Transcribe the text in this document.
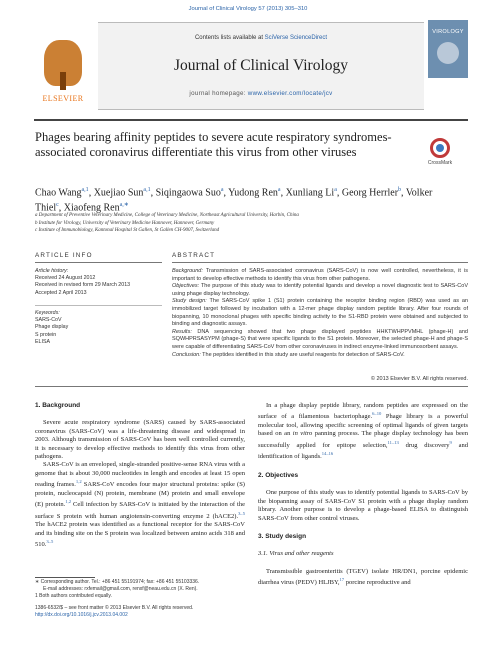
Journal of Clinical Virology 57 (2013) 305–310
ELSEVIER
Contents lists available at SciVerse ScienceDirect
Journal of Clinical Virology
journal homepage: www.elsevier.com/locate/jcv
VIROLOGY
Phages bearing affinity peptides to severe acute respiratory syndromes-associated coronavirus differentiate this virus from other viruses
CrossMark
Chao Wang$^{a,1}$, Xuejiao Sun$^{a,1}$, Siqingaowa Suo$^a$, Yudong Ren$^a$, Xunliang Li$^a$, Georg Herrler$^b$, Volker Thiel$^c$, Xiaofeng Ren$^{a,∗}$
a Department of Preventive Veterinary Medicine, College of Veterinary Medicine, Northeast Agricultural University, Harbin, China
b Institute for Virology, University of Veterinary Medicine Hannover, Hannover, Germany
c Institute of Immunobiology, Kantonal Hospital St Gallen, St Gallen CH-9007, Switzerland
ARTICLE INFO
Article history:
Received 24 August 2012
Received in revised form 29 March 2013
Accepted 2 April 2013
Keywords:
SARS-CoV
Phage display
S protein
ELISA
ABSTRACT

Background: Transmission of SARS-associated coronavirus (SARS-CoV) is now well controlled, nevertheless, it is important to develop effective methods to identify this virus from other pathogens.

Objectives: The purpose of this study was to identify potential ligands and develop a novel diagnostic test to SARS-CoV using phage display technology.

Study design: The SARS-CoV spike 1 (S1) protein containing the receptor binding region (RBD) was used as an immobilized target followed by incubation with a 12-mer phage display random peptide library. After four rounds of biopanning, 10 monoclonal phages with specific binding activity to the S1-RBD protein were obtained and subjected to binding and diagnostic assays.

Results: DNA sequencing showed that two phage displayed peptides HHKTWHPPVMHL (phage-H) and SQWHPRSASYPM (phage-S) that were specific ligands to the S1 protein. Moreover, the selected phage-H and phage-S were capable of differentiating SARS-CoV from other coronaviruses in indirect enzyme-linked immunosorbent assays.

Conclusion: The peptides identified in this study are useful reagents for detection of SARS-CoV.

© 2013 Elsevier B.V. All rights reserved.
1. Background

Severe acute respiratory syndrome (SARS) caused by SARS-associated coronavirus (SARS-CoV) was a life-threatening disease and widespread in 2003. Although transmission of SARS-CoV has been well controlled currently, it is necessary to develop effective methods to identify this virus from other pathogens.

SARS-CoV is an enveloped, single-stranded positive-sense RNA virus with a genome that is about 30,000 nucleotides in length and encodes at least 15 open reading frames.$^{1,2}$ SARS-CoV encodes four major structural proteins: spike (S) protein, nucleocapsid (N) protein, membrane (M) protein and small envelope (E) protein.$^{1,2}$ Cell infection by SARS-CoV is initiated by the interaction of the surface S protein with human angiotensin-converting enzyme 2 (hACE2).$^{3-5}$ The hACE2 protein was identified as a functional receptor for the SARS-CoV and its binding site on the S protein was localized between amino acids 318 and 510.$^{3-5}$

In a phage display peptide library, random peptides are expressed on the surface of a filamentous bacteriophage.$^{6-10}$ Phage library is a powerful molecular tool, allowing specific screening of optimal ligands of given targets based on an in vitro panning process. The phage display technology has been successfully applied for epitope selection,$^{11-13}$ drug discovery$^9$ and identification of ligands.$^{14-16}$

2. Objectives

One purpose of this study was to identify potential ligands to SARS-CoV by the biopanning assay of SARS-CoV S1 protein with a phage display random library. Another purpose is to develop a phage-based ELISA to distinguish SARS-CoV from other control viruses.

3. Study design
3.1. Virus and other reagents

Transmissible gastroenteritis (TGEV) isolate HR/DN1, porcine epidemic diarrhea virus (PEDV) HLJBY,$^{17}$ porcine reproductive and

∗ Corresponding author. Tel.: +86 451 55191974; fax: +86 451 55103336.
E-mail addresses: rxfemail@gmail.com, renxf@neau.edu.cn (X. Ren).
1 Both authors contributed equally.
1386-6532/$ – see front matter © 2013 Elsevier B.V. All rights reserved.
http://dx.doi.org/10.1016/j.jcv.2013.04.002
